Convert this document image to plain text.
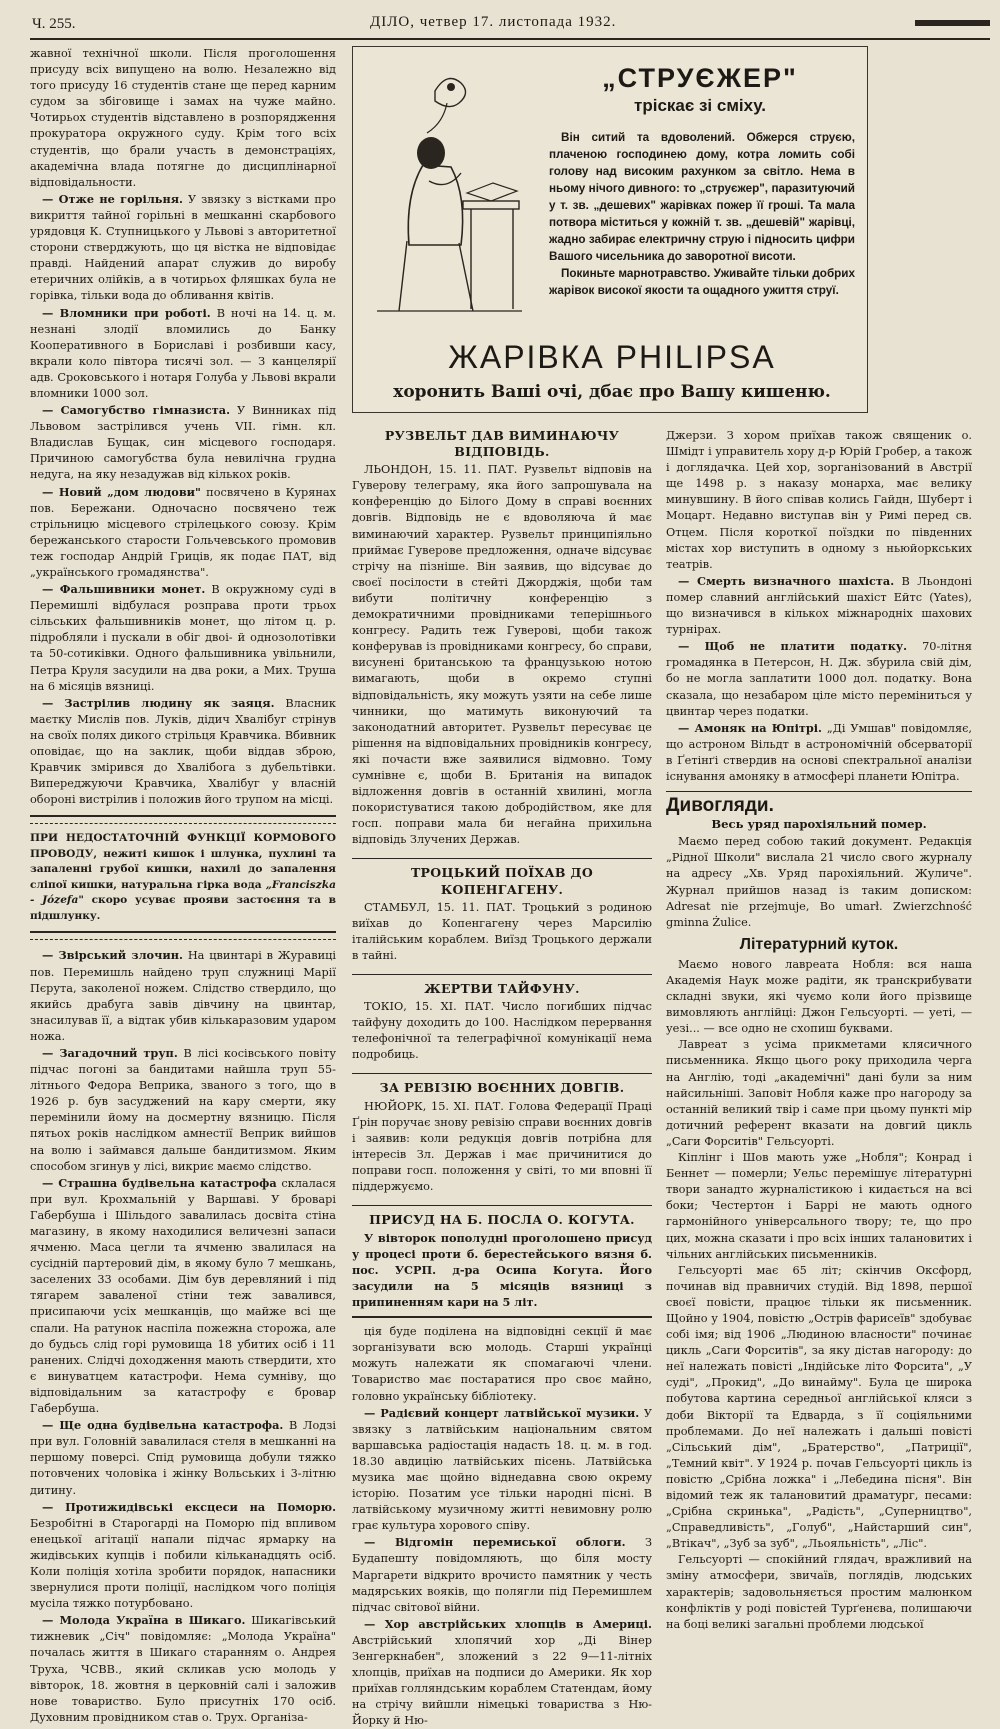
Ч. 255.	ДІЛО, четвер 17. листопада 1932.

жавної технічної школи. Після проголошення присуду всіх випущено на волю. Незалежно від того присуду 16 студентів стане ще перед карним судом за збіговище і замах на чуже майно. Чотирьох студентів відставлено в розпорядження прокуратора окружного суду. Крім того всіх студентів, що брали участь в демонстраціях, академічна влада потягне до дисциплінарної відповідальности.

— Отже не горільня. У звязку з вістками про викриття тайної горільні в мешканні скарбового урядовця К. Ступницького у Львові з авторитетної сторони стверджують, що ця вістка не відповідає правді. Найдений апарат служив до виробу етеричних олійків, а в чотирьох фляшках була не горівка, тільки вода до обливання квітів.

— Вломники при роботі. В ночі на 14. ц. м. незнані злодії вломились до Банку Кооперативного в Бориславі і розбивши касу, вкрали коло півтора тисячі зол. — З канцелярії адв. Сроковського і нотаря Голуба у Львові вкрали вломники 1000 зол.

— Самогубство гімназиста. У Винниках під Львовом застрілився учень VII. гімн. кл. Владислав Бущак, син місцевого господаря. Причиною самогубства була невилічна грудна недуга, на яку незадужав від кількох років.

— Новий „дом людови" посвячено в Курянах пов. Бережани. Одночасно посвячено теж стрільницю місцевого стрілецького союзу. Крім бережанського старости Гольчевського промовив теж господар Андрій Гриців, як подає ПАТ, від „українського громадянства".

— Фальшивники монет. В окружному суді в Перемишлі відбулася розправа проти трьох сільських фальшивників монет, що літом ц. р. підробляли і пускали в обіг двоі- й однозолотівки та 50-сотиківки. Одного фальшивника увільнили, Петра Круля засудили на два роки, а Мих. Труша на 6 місяців вязниці.

— Застрілив людину як заяця. Власник маєтку Мислів пов. Луків, дідич Хвалібуг стрінув на своїх полях дикого стрільця Кравчика. Вбивник оповідає, що на заклик, щоби віддав зброю, Кравчик змірився до Хвалібога з дубельтівки. Випереджуючи Кравчика, Хвалібуг у власній обороні вистрілив і положив його трупом на місці.

ПРИ НЕДОСТАТОЧНІЙ ФУНКЦІЇ КОРМОВОГО ПРОВОДУ, нежиті кишок і шлунка, пухлині та запаленні грубої кишки, нахилі до запалення сліпої кишки, натуральна гірка вода „Franciszka - Józefa" скоро усуває прояви застоєння та в підшлунку.

— Звірський злочин. На цвинтарі в Журавиці пов. Перемишль найдено труп служниці Марії Пєрута, заколеної ножем. Слідство ствердило, що якийсь драбуга завів дівчину на цвинтар, знасилував її, а відтак убив кількаразовим ударом ножа.

— Загадочний труп. В лісі косівського повіту підчас погоні за бандитами найшла труп 55-літнього Федора Веприка, званого з того, що в 1926 р. був засуджений на кару смерти, яку перемінили йому на досмертну вязницю. Після пятьох років наслідком амнестії Веприк вийшов на волю і займався дальше бандитизмом. Яким способом згинув у лісі, викриє маємо слідство.

— Страшна будівельна катастрофа склалася при вул. Крохмальній у Варшаві. У броварі Габербуша і Шільдого завалилась досвіта стіна магазину, в якому находилися величезні запаси ячменю. Маса цегли та ячменю звалилася на сусідній партеровий дім, в якому було 7 мешкань, заселених 33 особами. Дім був деревляний і під тягарем заваленої стіни теж завалився, присипаючи усіх мешканців, що майже всі ще спали. На ратунок наспіла пожежна сторожа, але до будьсь слід горі румовища 18 убитих осіб і 11 ранених. Слідчі доходження мають ствердити, хто є винуватцем катастрофи. Нема сумніву, що відповідальним за катастрофу є бровар Габербуша.

— Ще одна будівельна катастрофа. В Лодзі при вул. Головній завалилася стеля в мешканні на першому поверсі. Спід румовища добули тяжко потовчених чоловіка і жінку Вольських і 3-літню дитину.

— Протижидівські ексцеси на Поморю. Безробітні в Старогарді на Поморю під впливом енецької агітації напали підчас ярмарку на жидівських купців і побили кільканадцять осіб. Коли поліція хотіла зробити порядок, напасники звернулися проти поліції, наслідком чого поліція мусіла тяжко потурбовано.

— Молода Україна в Шикаго. Шикагівський тижневик „Січ" повідомляє: „Молода Україна" почалась життя в Шикаго старанням о. Андрея Труха, ЧСВВ., який скликав усю молодь у вівторок, 18. жовтня в церковній салі і заложив нове товариство. Було присутніх 170 осіб. Духовним провідником став о. Трух. Організа-

„СТРУЄЖЕР"
тріскає зі сміху.

Він ситий та вдоволений. Обжерся струєю, плаченою господинею дому, котра ломить собі голову над високим рахунком за світло. Нема в ньому нічого дивного: то „струєжер", паразитуючий у т. зв. „дешевих" жарівках пожер її гроші. Та мала потвора міститься у кожній т. зв. „дешевій" жарівці, жадно забирає електричну струю і підносить цифри Вашого чисельника до заворотної висоти.

Покиньте марнотравство. Уживайте тільки добрих жарівок високої якости та ощадного ужиття струї.

ЖАРІВКА PHILIPSA
хоронить Ваші очі, дбає про Вашу кишеню.
РУЗВЕЛЬТ ДАВ ВИМИНАЮЧУ ВІДПОВІДЬ.

ЛЬОНДОН, 15. 11. ПАТ. Рузвельт відповів на Гуверову телеграму, яка його запрошувала на конференцію до Білого Дому в справі воєнних довгів. Відповідь не є вдоволяюча й має виминаючий характер. Рузвельт принципіяльно приймає Гуверове предложення, одначе відсуває стрічу на пізніше. Він заявив, що відсуває до своєї посілости в стейті Джорджія, щоби там вибути політичну конференцію з демократичними провідниками теперішнього конгресу. Радить теж Гуверові, щоби також конферував із провідниками конгресу, бо справи, висунені британською та французькою нотою вимагають, щоби в окремо ступні відповідальність, яку можуть узяти на себе лише чинники, що матимуть виконуючий та законодатний авторитет. Рузвельт пересуває це рішення на відповідальних провідників конгресу, які почасти вже заявилися відмовно. Тому сумнівне є, щоби В. Британія на випадок відложення довгів в останній хвилині, могла покористуватися такою добродійством, яке для госп. поправи мала би негайна прихильна відповідь Злучених Держав.

ТРОЦЬКИЙ ПОЇХАВ ДО КОПЕНГАГЕНУ.

СТАМБУЛ, 15. 11. ПАТ. Троцький з родиною виїхав до Копенгагену через Марсилію італійським кораблем. Виїзд Троцького держали в тайні.

ЖЕРТВИ ТАЙФУНУ.

ТОКІО, 15. XI. ПАТ. Число погибших підчас тайфуну доходить до 100. Наслідком перервання телефонічної та телеграфічної комунікації нема подробиць.

ЗА РЕВІЗІЮ ВОЄННИХ ДОВГІВ.

НЮЙОРК, 15. XI. ПАТ. Голова Федерації Праці Ґрін поручає знову ревізію справи воєнних довгів і заявив: коли редукція довгів потрібна для інтересів Зл. Держав і має причинитися до поправи госп. положення у світі, то ми вповні її піддержуємо.

ПРИСУД НА Б. ПОСЛА О. КОГУТА.

У вівторок пополудні проголошено присуд у процесі проти б. берестейського вязня б. пос. УСРП. д-ра Осипа Когута. Його засудили на 5 місяців вязниці з припиненням кари на 5 літ.

ція буде поділена на відповідні секції й має зорганізувати всю молодь. Старші українці можуть належати як спомагаючі члени. Товариство має постаратися про своє майно, головно українську бібліотеку.

— Радієвий концерт латвійської музики. У звязку з латвійським національним святом варшавська радіостація надасть 18. ц. м. в год. 18.30 авдицію латвійських пісень. Латвійська музика має щойно віднедавна свою окрему історію. Позатим усе тільки народні пісні. В латвійському музичному житті невимовну ролю грає культура хорового співу.

— Відгомін перемиської облоги. З Будапешту повідомляють, що біля мосту Маргарети відкрито врочисто памятник у честь мадярських вояків, що полягли під Перемишлем підчас світової війни.

— Хор австрійських хлопців в Америці. Австрійський хлопячий хор „Ді Вінер Зенгеркнабен", зложений з 22 9—11-літніх хлопців, приїхав на подписи до Америки. Як хор приїхав голляндським кораблем Статендам, йому на стрічу вийшли німецькі товариства з Ню-Йорку й Ню-

Джерзи. З хором приїхав також священик о. Шмідт і управитель хору д-р Юрій Гробер, а також і доглядачка. Цей хор, зорганізований в Австрії ще 1498 р. з наказу монарха, має велику минувшину. В його співав колись Гайдн, Шуберт і Моцарт. Недавно виступав він у Римі перед св. Отцем. Після короткої поїздки по південних містах хор виступить в одному з ньюйоркських театрів.

— Смерть визначного шахіста. В Льондоні помер славний англійський шахіст Ейтс (Yates), що визначився в кількох міжнародніх шахових турнірах.

— Щоб не платити податку. 70-літня громадянка в Петерсон, Н. Дж. збурила свій дім, бо не могла заплатити 1000 дол. податку. Вона сказала, що незабаром ціле місто переміниться у цвинтар через податки.

— Амоняк на Юпітрі. „Ді Умшав" повідомляє, що астроном Вільдт в астрономічній обсерваторії в Ґетінґі ствердив на основі спектральної аналізи існування амоняку в атмосфері планети Юпітра.

Дивогляди.
Весь уряд парохіяльний помер.

Маємо перед собою такий документ. Редакція „Рідної Школи" вислала 21 число свого журналу на адресу „Хв. Уряд парохіяльний. Жуличе". Журнал прийшов назад із таким дописком: Adresat nie przejmuje, Bo umarł. Zwierzchność gminna Żulice.

Літературний куток.

Маємо нового лавреата Нобля: вся наша Академія Наук може радіти, як транскрибувати складні звуки, які чуємо коли його прізвище вимовляють англійці: Джон Гельсуорті. — уеті, — уезі... — все одно не схопиш буквами.

Лавреат з усіма прикметами клясичного письменника. Якщо цього року приходила черга на Англію, тоді „академічні" дані були за ним найсильніші. Заповіт Нобля каже про нагороду за останній великий твір і саме при цьому пункті мір дотичний референт вказати на довгий цикль „Саги Форситів" Гельсуорті.

Кіплінг і Шов мають уже „Нобля"; Конрад і Беннет — померли; Уельс перемішує літературні твори занадто журналістикою і кидається на всі боки; Честертон і Баррі не мають одного гармонійного універсального твору; те, що про цих, можна сказати і про всіх інших талановитих і чільних англійських письменників.

Гельсуорті має 65 літ; скінчив Оксфорд, починав від правничих студій. Від 1898, першої своєї повісти, працює тільки як письменник. Щойно у 1904, повістю „Острів фарисеїв" здобуває собі імя; від 1906 „Людиною власности" починає цикль „Саги Форситів", за яку дістав нагороду: до неї належать повісті „Індійське літо Форсита", „У суді", „Прокид", „До винайму". Була це широка побутова картина середньої англійської кляси з доби Вікторії та Едварда, з її соціяльними проблемами. До неї належать і дальші повісті „Сільський дім", „Братерство", „Патриції", „Темний квіт". У 1924 р. почав Гельсуорті цикль із повістю „Срібна ложка" і „Лебедина пісня". Він відомий теж як талановитий драматург, песами: „Срібна скринька", „Радість", „Суперництво", „Справедливість", „Голуб", „Найстарший син", „Втікач", „Зуб за зуб", „Льояльність", „Ліс".

Гельсуорті — спокійний глядач, вражливий на зміну атмосфери, звичаїв, поглядів, людських характерів; задовольняється простим малюнком конфліктів у роді повістей Турґенєва, полишаючи на боці великі загальні проблеми людської
